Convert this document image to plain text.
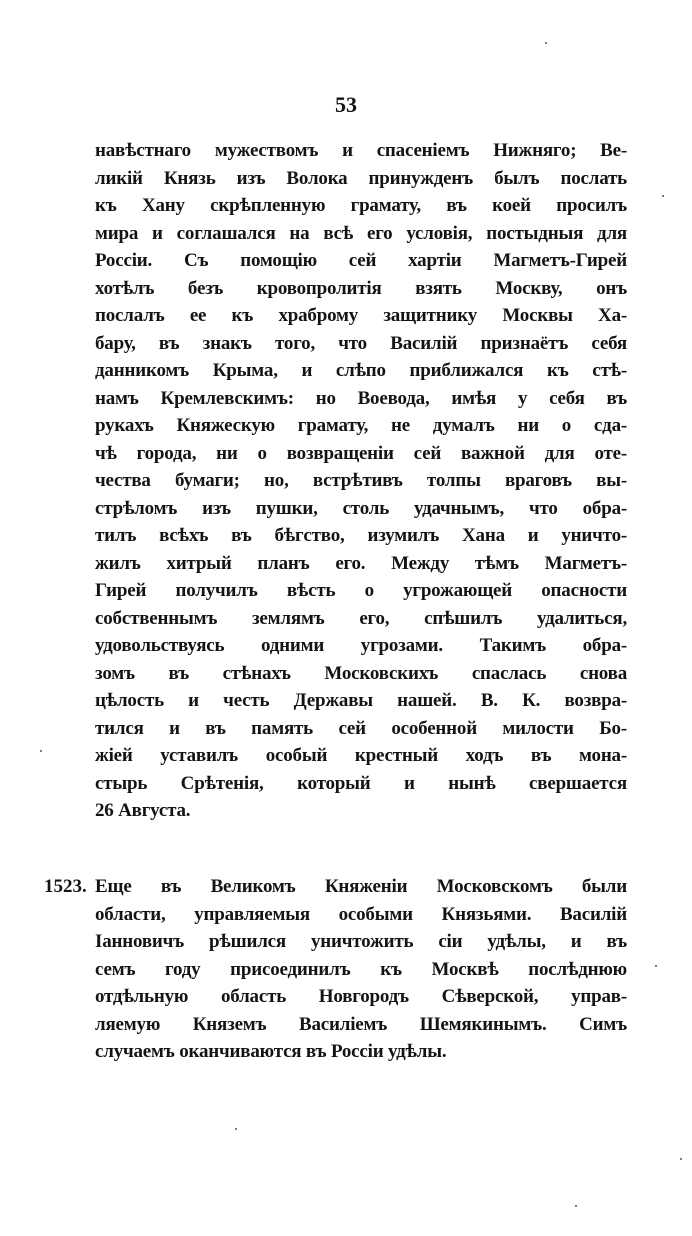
53
навѣстнаго мужествомъ и спасеніемъ Нижняго; Ве-
ликій Князь изъ Волока принужденъ былъ послать
къ Хану скрѣпленную грамату, въ коей просилъ
мира и соглашался на всѣ его условія, постыдныя для
Россіи. Съ помощію сей хартіи Магметъ-Гирей
хотѣлъ безъ кровопролитія взять Москву, онъ
послалъ ее къ храброму защитнику Москвы Ха-
бару, въ знакъ того, что Василій признаётъ себя
данникомъ Крыма, и слѣпо приближался къ стѣ-
намъ Кремлевскимъ: но Воевода, имѣя у себя въ
рукахъ Княжескую грамату, не думалъ ни о сда-
чѣ города, ни о возвращеніи сей важной для оте-
чества бумаги; но, встрѣтивъ толпы враговъ вы-
стрѣломъ изъ пушки, столь удачнымъ, что обра-
тилъ всѣхъ въ бѣгство, изумилъ Хана и уничто-
жилъ хитрый планъ его. Между тѣмъ Магметъ-
Гирей получилъ вѣсть о угрожающей опасности
собственнымъ землямъ его, спѣшилъ удалиться,
удовольствуясь одними угрозами. Такимъ обра-
зомъ въ стѣнахъ Московскихъ спаслась снова
цѣлость и честь Державы нашей. В. К. возвра-
тился и въ память сей особенной милости Бо-
жіей уставилъ особый крестный ходъ въ мона-
стырь Срѣтенія, который и нынѣ свершается
26 Августа.
1523. Еще въ Великомъ Княженіи Московскомъ были
области, управляемыя особыми Князьями. Василій
Іанновичъ рѣшился уничтожить сіи удѣлы, и въ
семъ году присоединилъ къ Москвѣ послѣднюю
отдѣльную область Новгородъ Сѣверской, управ-
ляемую Княземъ Василіемъ Шемякинымъ. Симъ
случаемъ оканчиваются въ Россіи удѣлы.
